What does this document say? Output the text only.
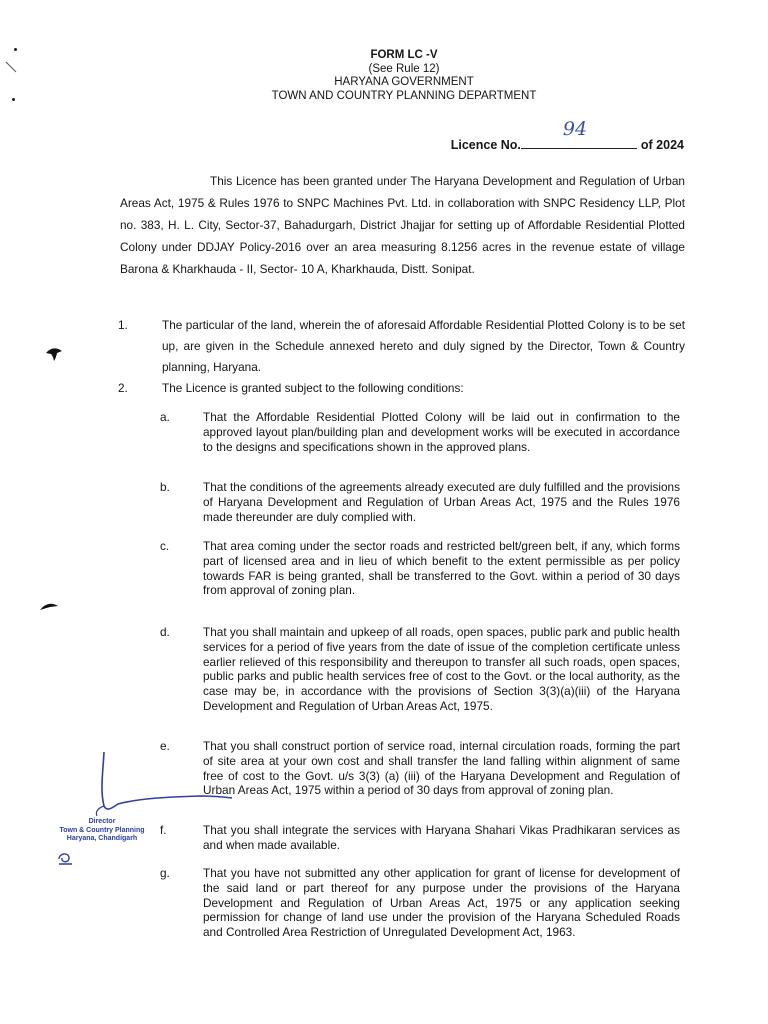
FORM LC -V
(See Rule 12)
HARYANA GOVERNMENT
TOWN AND COUNTRY PLANNING DEPARTMENT
Licence No.
94
of 2024
This Licence has been granted under The Haryana Development and Regulation of Urban Areas Act, 1975 & Rules 1976 to SNPC Machines Pvt. Ltd. in collaboration with SNPC Residency LLP, Plot no. 383, H. L. City, Sector-37, Bahadurgarh, District Jhajjar for setting up of Affordable Residential Plotted Colony under DDJAY Policy-2016 over an area measuring 8.1256 acres in the revenue estate of village Barona & Kharkhauda - II, Sector- 10 A, Kharkhauda, Distt. Sonipat.
1.	The particular of the land, wherein the of aforesaid Affordable Residential Plotted Colony is to be set up, are given in the Schedule annexed hereto and duly signed by the Director, Town & Country planning, Haryana.
2.	The Licence is granted subject to the following conditions:
a.	That the Affordable Residential Plotted Colony will be laid out in confirmation to the approved layout plan/building plan and development works will be executed in accordance to the designs and specifications shown in the approved plans.
b.	That the conditions of the agreements already executed are duly fulfilled and the provisions of Haryana Development and Regulation of Urban Areas Act, 1975 and the Rules 1976 made thereunder are duly complied with.
c.	That area coming under the sector roads and restricted belt/green belt, if any, which forms part of licensed area and in lieu of which benefit to the extent permissible as per policy towards FAR is being granted, shall be transferred to the Govt. within a period of 30 days from approval of zoning plan.
d.	That you shall maintain and upkeep of all roads, open spaces, public park and public health services for a period of five years from the date of issue of the completion certificate unless earlier relieved of this responsibility and thereupon to transfer all such roads, open spaces, public parks and public health services free of cost to the Govt. or the local authority, as the case may be, in accordance with the provisions of Section 3(3)(a)(iii) of the Haryana Development and Regulation of Urban Areas Act, 1975.
e.	That you shall construct portion of service road, internal circulation roads, forming the part of site area at your own cost and shall transfer the land falling within alignment of same free of cost to the Govt. u/s 3(3) (a) (iii) of the Haryana Development and Regulation of Urban Areas Act, 1975 within a period of 30 days from approval of zoning plan.
f.	That you shall integrate the services with Haryana Shahari Vikas Pradhikaran services as and when made available.
g.	That you have not submitted any other application for grant of license for development of the said land or part thereof for any purpose under the provisions of the Haryana Development and Regulation of Urban Areas Act, 1975 or any application seeking permission for change of land use under the provision of the Haryana Scheduled Roads and Controlled Area Restriction of Unregulated Development Act, 1963.
Director
Town & Country Planning
Haryana, Chandigarh
